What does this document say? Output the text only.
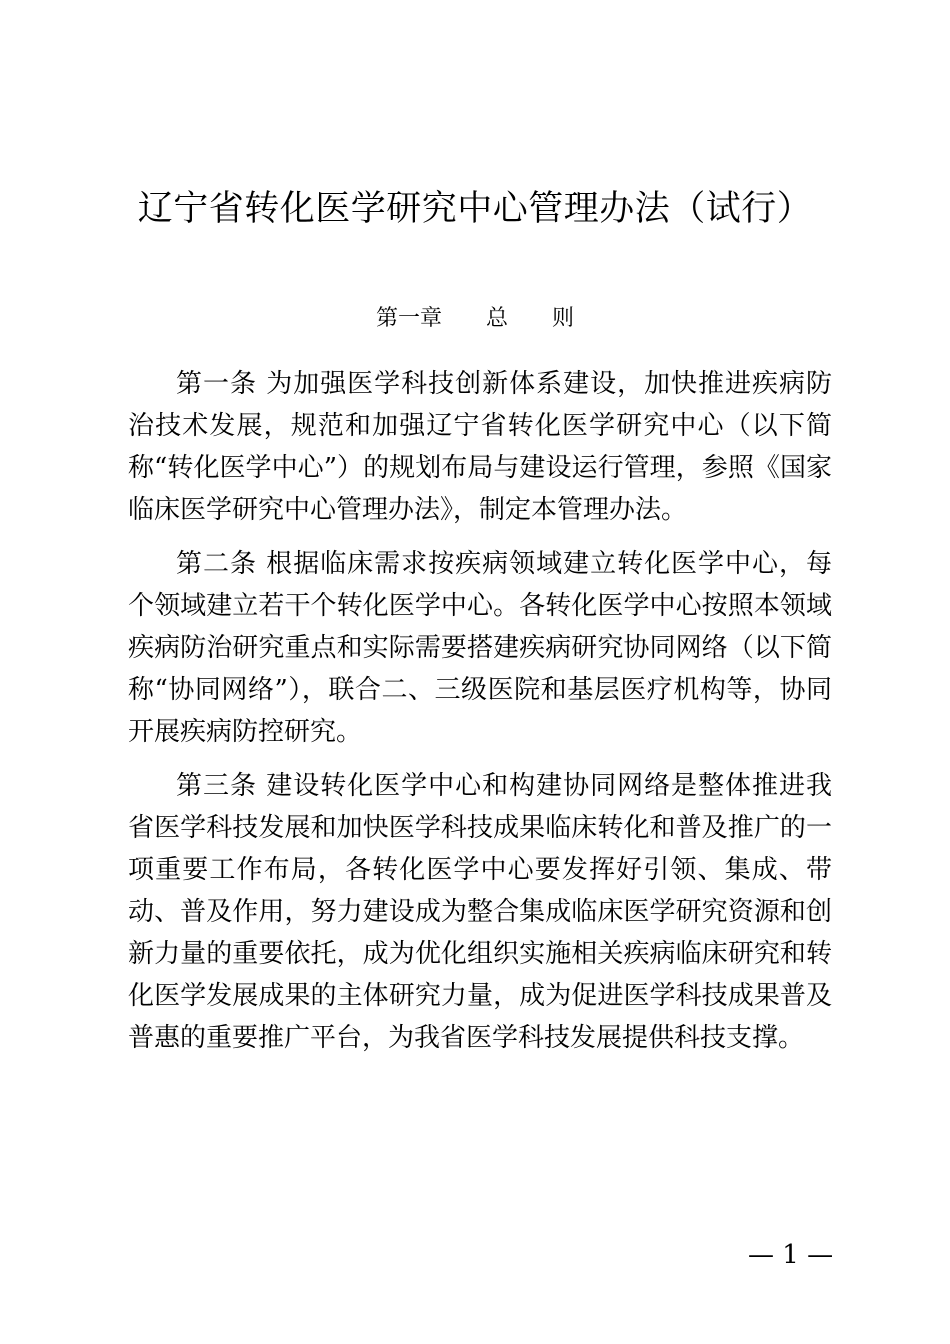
辽宁省转化医学研究中心管理办法（试行）
第一章　　总　　则

第一条 为加强医学科技创新体系建设，加快推进疾病防治技术发展，规范和加强辽宁省转化医学研究中心（以下简称“转化医学中心”）的规划布局与建设运行管理，参照《国家临床医学研究中心管理办法》，制定本管理办法。

第二条 根据临床需求按疾病领域建立转化医学中心，每个领域建立若干个转化医学中心。各转化医学中心按照本领域疾病防治研究重点和实际需要搭建疾病研究协同网络（以下简称“协同网络”），联合二、三级医院和基层医疗机构等，协同开展疾病防控研究。

第三条 建设转化医学中心和构建协同网络是整体推进我省医学科技发展和加快医学科技成果临床转化和普及推广的一项重要工作布局，各转化医学中心要发挥好引领、集成、带动、普及作用，努力建设成为整合集成临床医学研究资源和创新力量的重要依托，成为优化组织实施相关疾病临床研究和转化医学发展成果的主体研究力量，成为促进医学科技成果普及普惠的重要推广平台，为我省医学科技发展提供科技支撑。

— 1 —
